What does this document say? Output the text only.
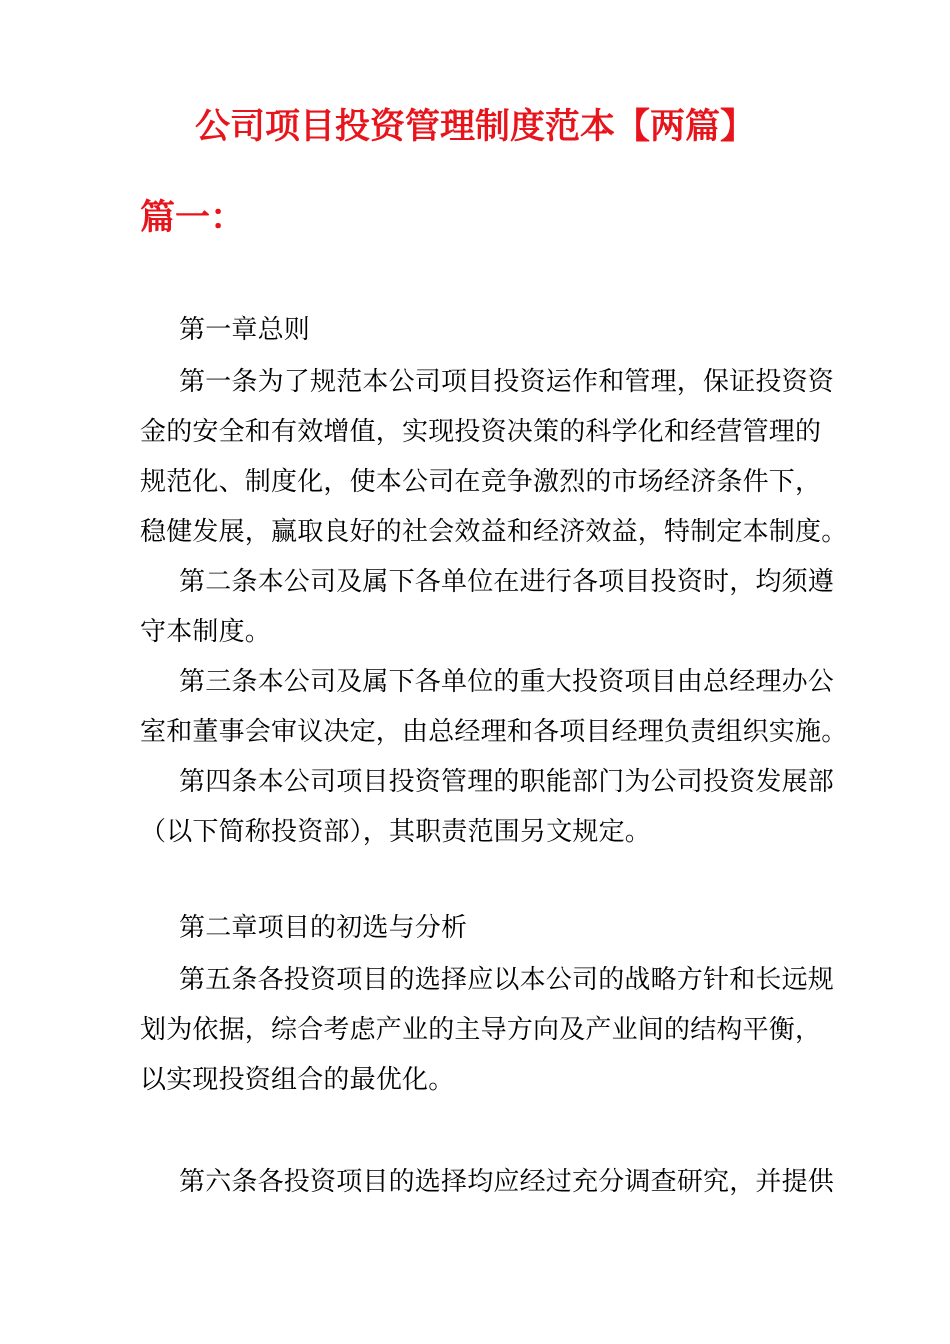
公司项目投资管理制度范本【两篇】
篇一：
第一章总则
第一条为了规范本公司项目投资运作和管理，保证投资资
金的安全和有效增值，实现投资决策的科学化和经营管理的
规范化、制度化，使本公司在竞争激烈的市场经济条件下，
稳健发展，赢取良好的社会效益和经济效益，特制定本制度。
第二条本公司及属下各单位在进行各项目投资时，均须遵
守本制度。
第三条本公司及属下各单位的重大投资项目由总经理办公
室和董事会审议决定，由总经理和各项目经理负责组织实施。
第四条本公司项目投资管理的职能部门为公司投资发展部
（以下简称投资部），其职责范围另文规定。
第二章项目的初选与分析
第五条各投资项目的选择应以本公司的战略方针和长远规
划为依据，综合考虑产业的主导方向及产业间的结构平衡，
以实现投资组合的最优化。
第六条各投资项目的选择均应经过充分调查研究，并提供
